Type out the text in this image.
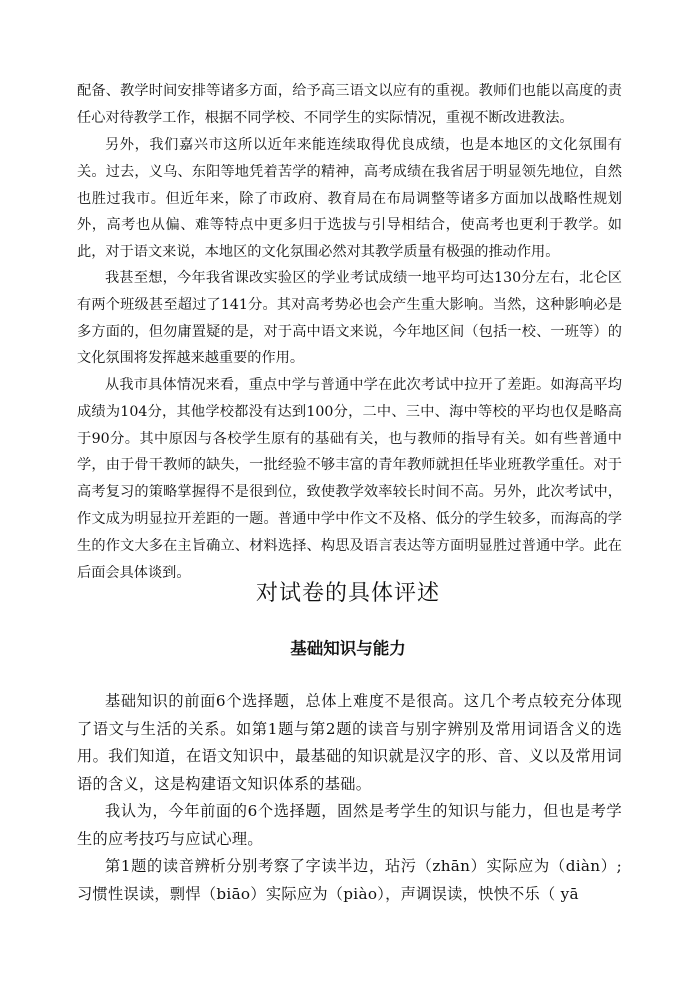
配备、教学时间安排等诸多方面，给予高三语文以应有的重视。教师们也能以高度的责任心对待教学工作，根据不同学校、不同学生的实际情况，重视不断改进教法。

另外，我们嘉兴市这所以近年来能连续取得优良成绩，也是本地区的文化氛围有关。过去，义乌、东阳等地凭着苦学的精神，高考成绩在我省居于明显领先地位，自然也胜过我市。但近年来，除了市政府、教育局在布局调整等诸多方面加以战略性规划外，高考也从偏、难等特点中更多归于选拔与引导相结合，使高考也更利于教学。如此，对于语文来说，本地区的文化氛围必然对其教学质量有极强的推动作用。

我甚至想，今年我省课改实验区的学业考试成绩一地平均可达130分左右，北仑区有两个班级甚至超过了141分。其对高考势必也会产生重大影响。当然，这种影响必是多方面的，但勿庸置疑的是，对于高中语文来说，今年地区间（包括一校、一班等）的文化氛围将发挥越来越重要的作用。

从我市具体情况来看，重点中学与普通中学在此次考试中拉开了差距。如海高平均成绩为104分，其他学校都没有达到100分，二中、三中、海中等校的平均也仅是略高于90分。其中原因与各校学生原有的基础有关，也与教师的指导有关。如有些普通中学，由于骨干教师的缺失，一批经验不够丰富的青年教师就担任毕业班教学重任。对于高考复习的策略掌握得不是很到位，致使教学效率较长时间不高。另外，此次考试中，作文成为明显拉开差距的一题。普通中学中作文不及格、低分的学生较多，而海高的学生的作文大多在主旨确立、材料选择、构思及语言表达等方面明显胜过普通中学。此在后面会具体谈到。

对试卷的具体评述
基础知识与能力

基础知识的前面6个选择题，总体上难度不是很高。这几个考点较充分体现了语文与生活的关系。如第1题与第2题的读音与别字辨别及常用词语含义的选用。我们知道，在语文知识中，最基础的知识就是汉字的形、音、义以及常用词语的含义，这是构建语文知识体系的基础。

我认为，今年前面的6个选择题，固然是考学生的知识与能力，但也是考学生的应考技巧与应试心理。

第1题的读音辨析分别考察了字读半边，玷污（zhān）实际应为（diàn）;习惯性误读，剽悍（biāo）实际应为（piào），声调误读，怏怏不乐（ yā
